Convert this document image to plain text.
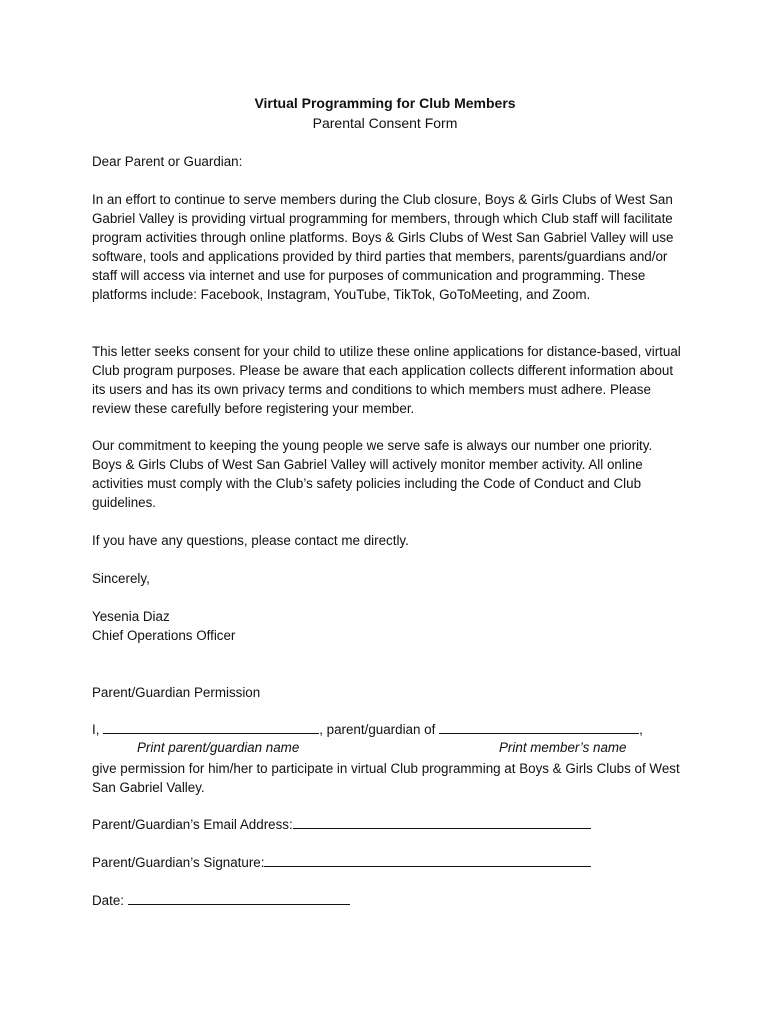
Virtual Programming for Club Members
Parental Consent Form

Dear Parent or Guardian:

In an effort to continue to serve members during the Club closure, Boys & Girls Clubs of West San Gabriel Valley is providing virtual programming for members, through which Club staff will facilitate program activities through online platforms. Boys & Girls Clubs of West San Gabriel Valley will use software, tools and applications provided by third parties that members, parents/guardians and/or staff will access via internet and use for purposes of communication and programming. These platforms include: Facebook, Instagram, YouTube, TikTok, GoToMeeting, and Zoom.

This letter seeks consent for your child to utilize these online applications for distance-based, virtual Club program purposes. Please be aware that each application collects different information about its users and has its own privacy terms and conditions to which members must adhere. Please review these carefully before registering your member.

Our commitment to keeping the young people we serve safe is always our number one priority. Boys & Girls Clubs of West San Gabriel Valley will actively monitor member activity. All online activities must comply with the Club’s safety policies including the Code of Conduct and Club guidelines.

If you have any questions, please contact me directly.

Sincerely,

Yesenia Diaz

Chief Operations Officer

Parent/Guardian Permission

I,	, parent/guardian of	,

Print parent/guardian name	Print member’s name

give permission for him/her to participate in virtual Club programming at Boys & Girls Clubs of West San Gabriel Valley.

Parent/Guardian’s Email Address:

Parent/Guardian’s Signature:

Date:
